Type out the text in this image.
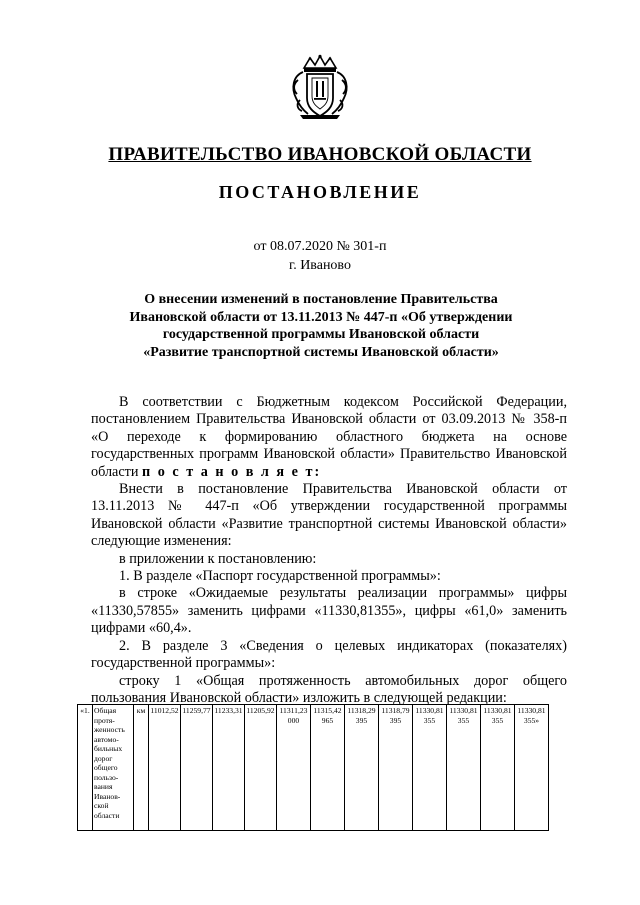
ПРАВИТЕЛЬСТВО ИВАНОВСКОЙ ОБЛАСТИ
ПОСТАНОВЛЕНИЕ
от 08.07.2020 № 301-п
г. Иваново
О внесении изменений в постановление Правительства
Ивановской области от 13.11.2013 № 447-п «Об утверждении
государственной программы Ивановской области
«Развитие транспортной системы Ивановской области»

В соответствии с Бюджетным кодексом Российской Федерации, постановлением Правительства Ивановской области от 03.09.2013 № 358-п «О переходе к формированию областного бюджета на основе государственных программ Ивановской области» Правительство Ивановской области п о с т а н о в л я е т:

Внести в постановление Правительства Ивановской области от 13.11.2013 № 447-п «Об утверждении государственной программы Ивановской области «Развитие транспортной системы Ивановской области» следующие изменения:

в приложении к постановлению:

1. В разделе «Паспорт государственной программы»:

в строке «Ожидаемые результаты реализации программы» цифры «11330,57855» заменить цифрами «11330,81355», цифры «61,0» заменить цифрами «60,4».

2. В разделе 3 «Сведения о целевых индикаторах (показателях) государственной программы»:

строку 1 «Общая протяженность автомобильных дорог общего пользования Ивановской области» изложить в следующей редакции:

«1.	Общая протя-женность автомо-бильных дорог общего пользо-вания Иванов-ской области	км	11012,52	11259,77	11233,31	11205,92	11311,23 000	11315,42 965	11318,29 395	11318,79 395	11330,81 355	11330,81 355	11330,81 355	11330,81 355»
